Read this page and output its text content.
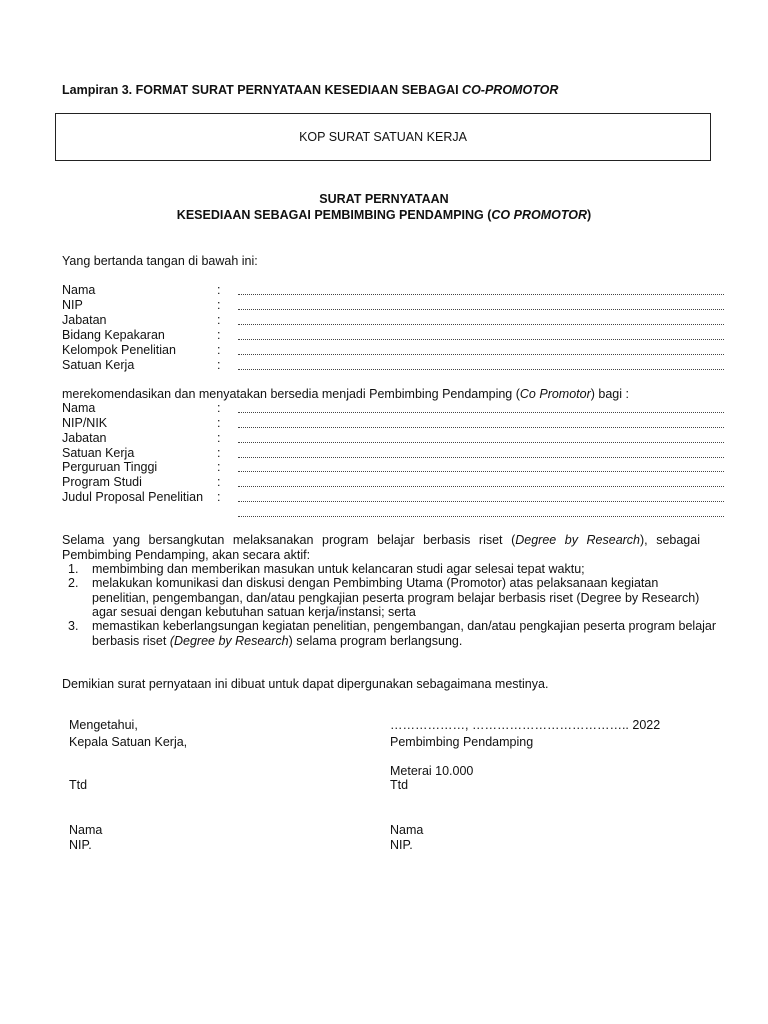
Lampiran 3. FORMAT SURAT PERNYATAAN KESEDIAAN SEBAGAI CO-PROMOTOR
KOP SURAT SATUAN KERJA
SURAT PERNYATAAN
KESEDIAAN SEBAGAI PEMBIMBING PENDAMPING (CO PROMOTOR)
Yang bertanda tangan di bawah ini:
Nama	:
NIP	:
Jabatan	:
Bidang Kepakaran	:
Kelompok Penelitian	:
Satuan Kerja	:
merekomendasikan dan menyatakan bersedia menjadi Pembimbing Pendamping (Co Promotor) bagi :
Nama	:
NIP/NIK	:
Jabatan	:
Satuan Kerja	:
Perguruan Tinggi	:
Program Studi	:
Judul Proposal Penelitian :
Selama yang bersangkutan melaksanakan program belajar berbasis riset (Degree by Research), sebagai Pembimbing Pendamping, akan secara aktif:
1. membimbing dan memberikan masukan untuk kelancaran studi agar selesai tepat waktu;
2. melakukan komunikasi dan diskusi dengan Pembimbing Utama (Promotor) atas pelaksanaan kegiatan penelitian, pengembangan, dan/atau pengkajian peserta program belajar berbasis riset (Degree by Research) agar sesuai dengan kebutuhan satuan kerja/instansi; serta
3. memastikan keberlangsungan kegiatan penelitian, pengembangan, dan/atau pengkajian peserta program belajar berbasis riset (Degree by Research) selama program berlangsung.
Demikian surat pernyataan ini dibuat untuk dapat dipergunakan sebagaimana mestinya.
Mengetahui,
Kepala Satuan Kerja,
Ttd
Nama
NIP.
………………, ……………………………….. 2022
Pembimbing Pendamping
Meterai 10.000
Ttd
Nama
NIP.
